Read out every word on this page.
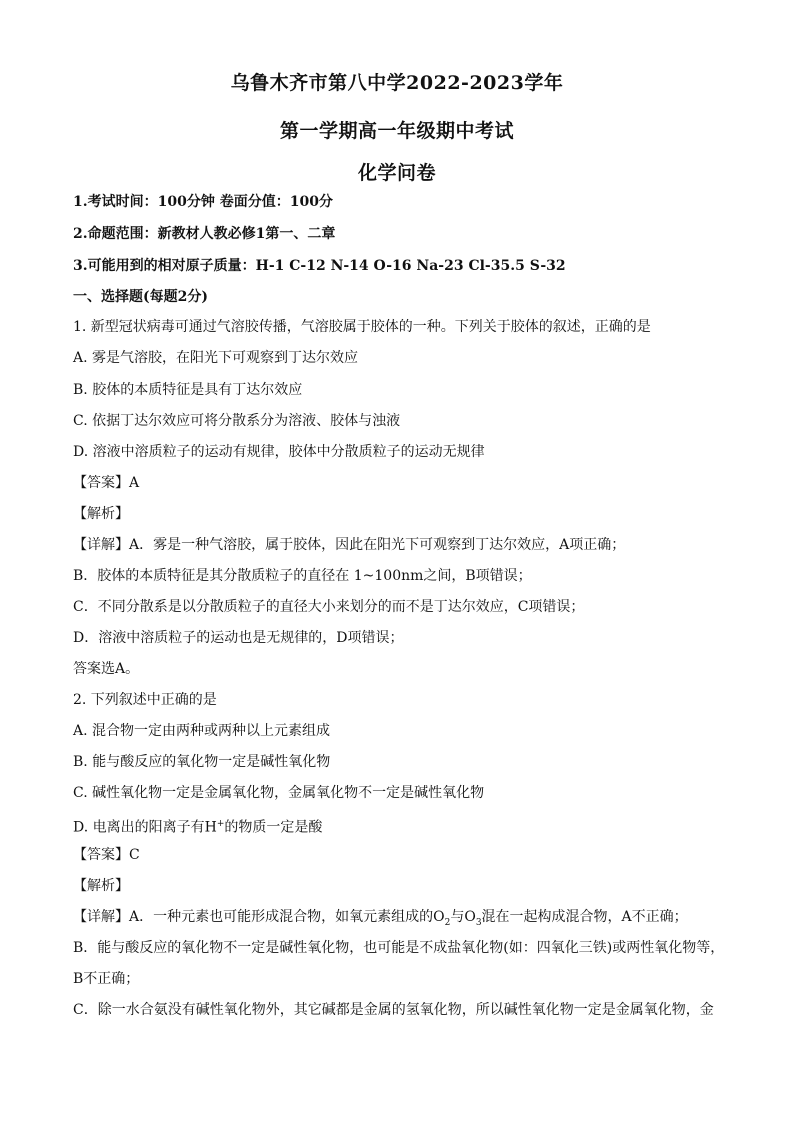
乌鲁木齐市第八中学2022-2023学年
第一学期高一年级期中考试
化学问卷
1.考试时间：100分钟 卷面分值：100分
2.命题范围：新教材人教必修1第一、二章
3.可能用到的相对原子质量：H-1 C-12 N-14 O-16 Na-23 Cl-35.5 S-32
一、选择题(每题2分)
1. 新型冠状病毒可通过气溶胶传播，气溶胶属于胶体的一种。下列关于胶体的叙述，正确的是
A. 雾是气溶胶，在阳光下可观察到丁达尔效应
B. 胶体的本质特征是具有丁达尔效应
C. 依据丁达尔效应可将分散系分为溶液、胶体与浊液
D. 溶液中溶质粒子的运动有规律，胶体中分散质粒子的运动无规律
【答案】A
【解析】
【详解】A．雾是一种气溶胶，属于胶体，因此在阳光下可观察到丁达尔效应，A项正确；
B．胶体的本质特征是其分散质粒子的直径在 1~100nm之间，B项错误；
C．不同分散系是以分散质粒子的直径大小来划分的而不是丁达尔效应，C项错误；
D．溶液中溶质粒子的运动也是无规律的，D项错误；
答案选A。
2. 下列叙述中正确的是
A. 混合物一定由两种或两种以上元素组成
B. 能与酸反应的氧化物一定是碱性氧化物
C. 碱性氧化物一定是金属氧化物，金属氧化物不一定是碱性氧化物
D. 电离出的阳离子有H+的物质一定是酸
【答案】C
【解析】
【详解】A．一种元素也可能形成混合物，如氧元素组成的$O_2$与$O_3$混在一起构成混合物，A不正确；
B．能与酸反应的氧化物不一定是碱性氧化物，也可能是不成盐氧化物(如：四氧化三铁)或两性氧化物等，
B不正确；
C．除一水合氨没有碱性氧化物外，其它碱都是金属的氢氧化物，所以碱性氧化物一定是金属氧化物，金
